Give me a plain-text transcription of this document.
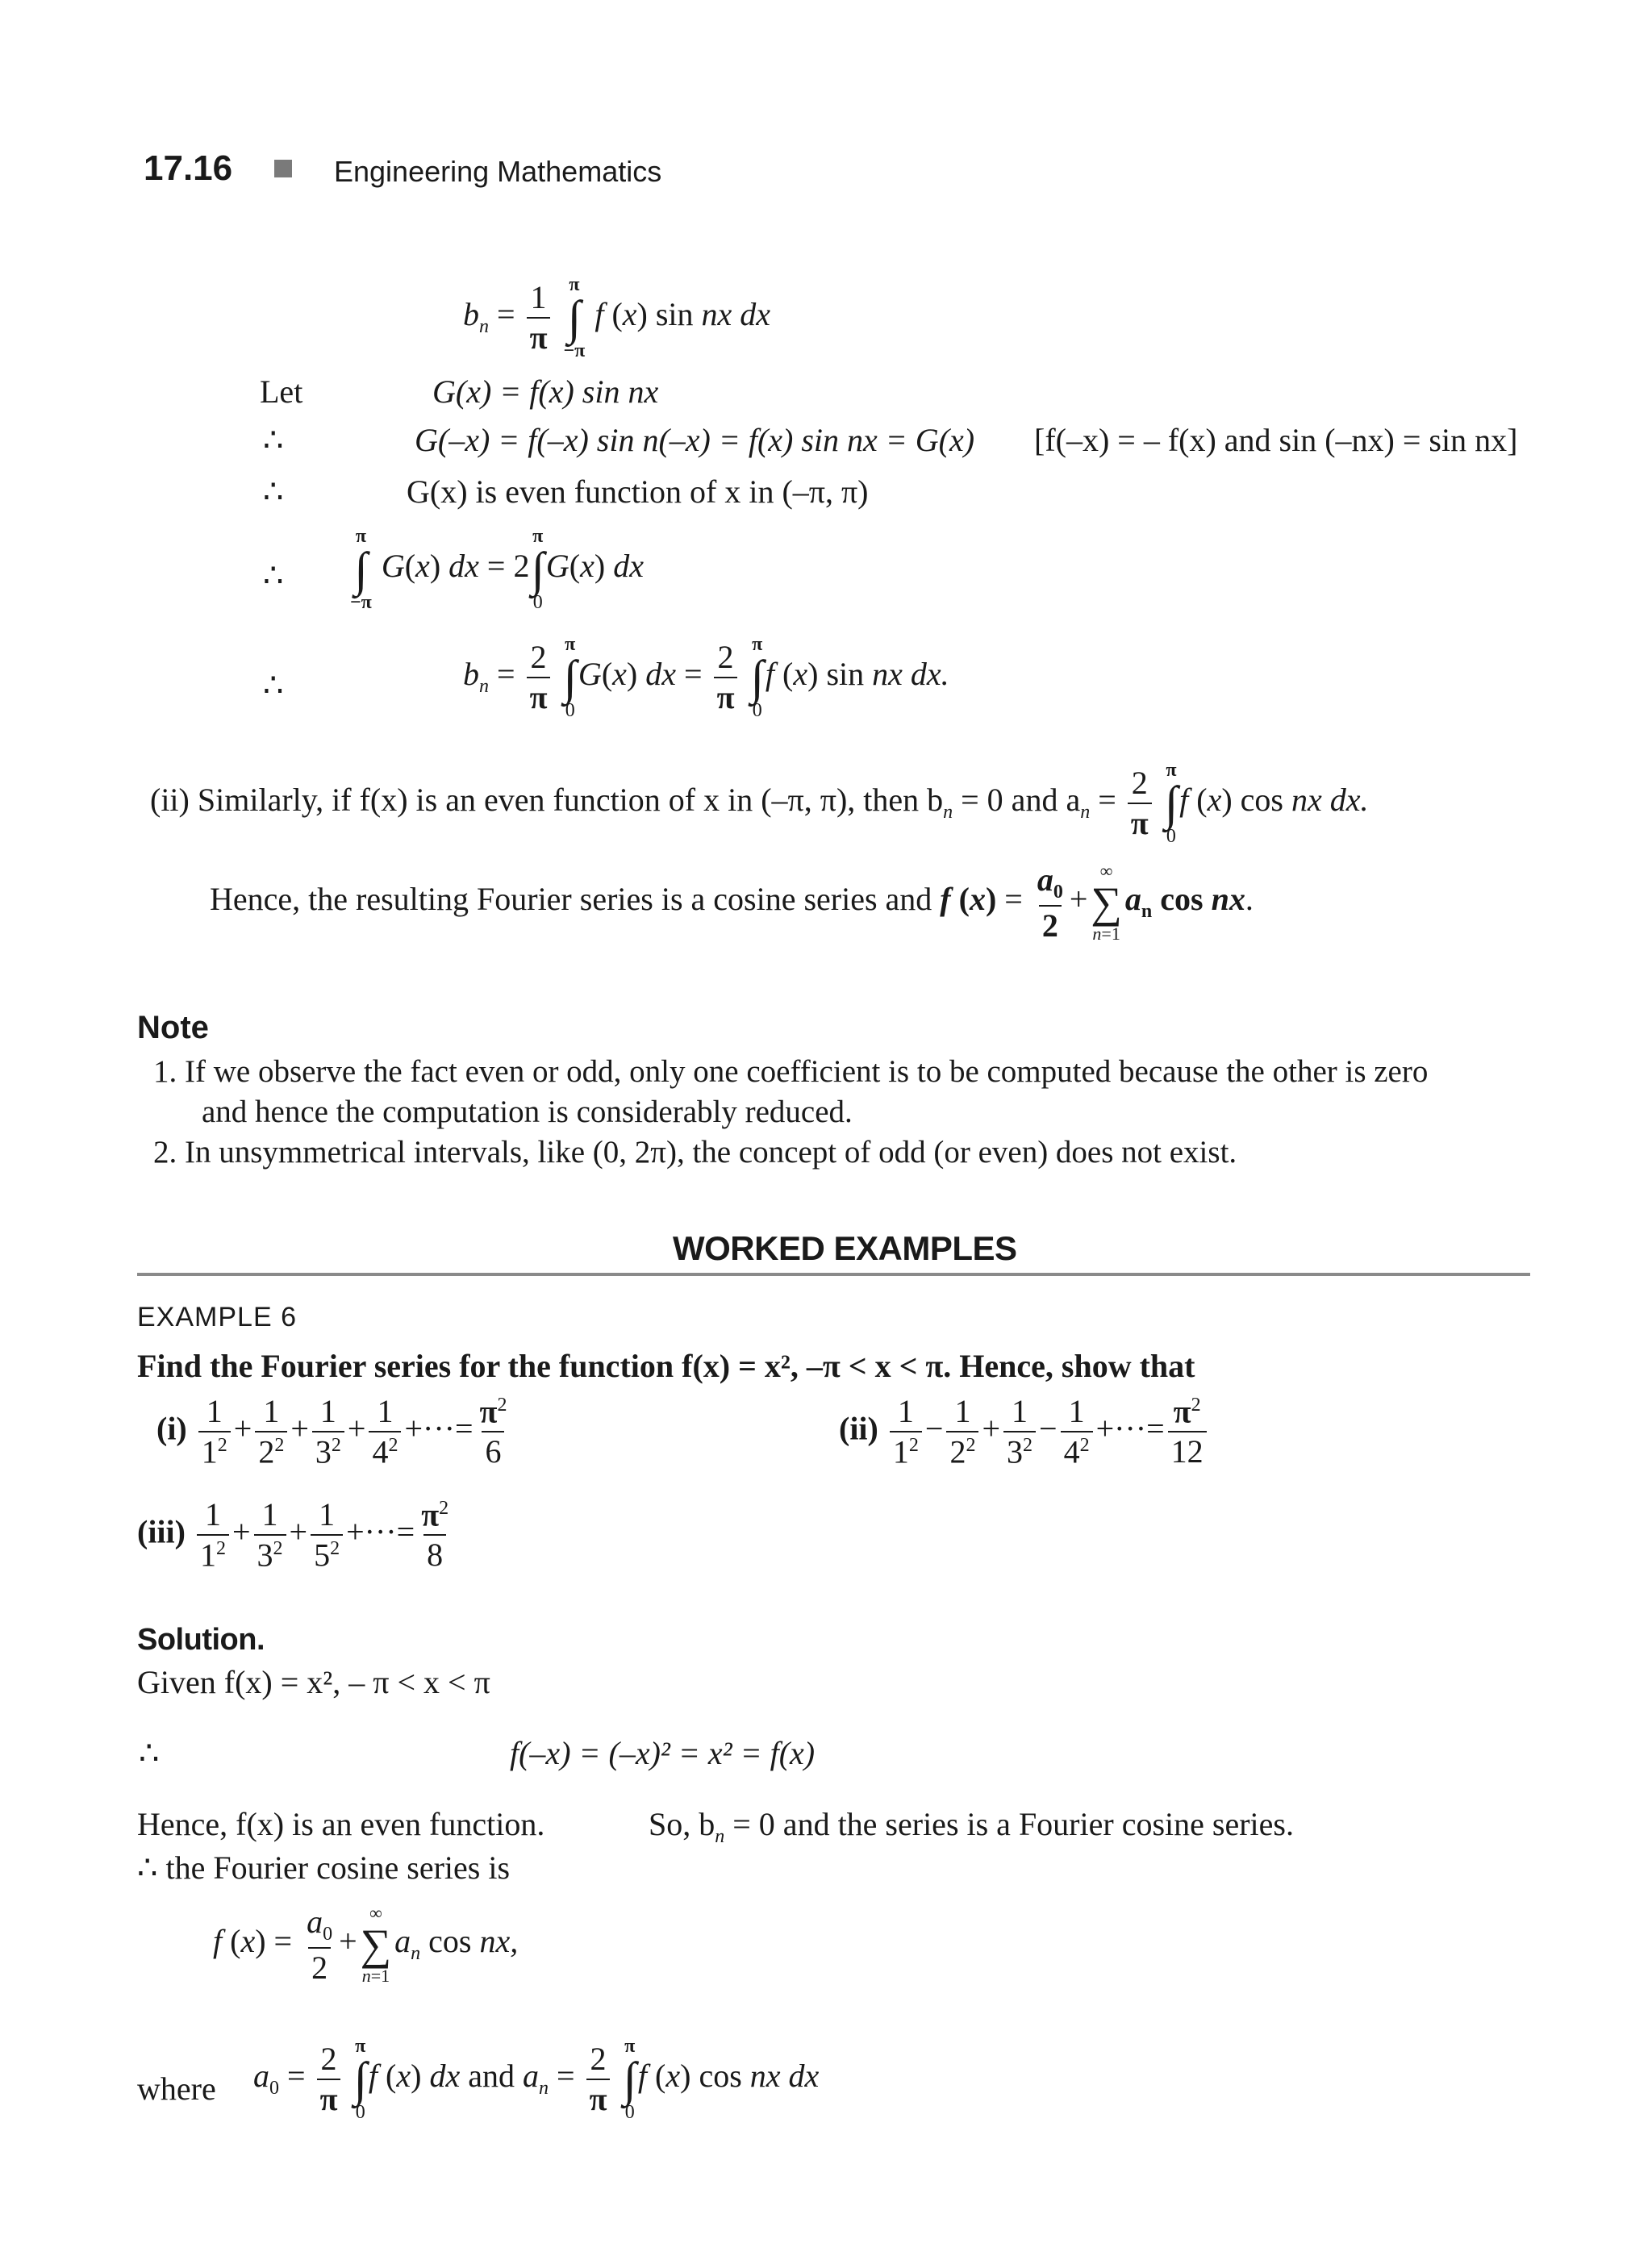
17.16	Engineering Mathematics
$b_n = \frac{1}{\pi}$
π
∫
−π
f (x) sin nx dx
Let	G(x) = f(x) sin nx
∴	G(–x) = f(–x) sin n(–x) = f(x) sin nx = G(x) [f(–x) = – f(x) and sin (–nx) = sin nx]
∴	G(x) is even function of x in (–π, π)
∴
π
∫
−π
G(x) dx = 2
π
∫
0
G(x) dx
∴	$b_n = \frac{2}{\pi}$
π
∫
0
G(x) dx = $\frac{2}{\pi}$
π
∫
0
f (x) sin nx dx.
(ii) Similarly, if f(x) is an even function of x in (–π, π), then $b_n = 0$ and $a_n = \frac{2}{\pi}$
π
∫
0
f (x) cos nx dx.
Hence, the resulting Fourier series is a cosine series and f $(x) = \frac{a_0}{2}$ +
∞
∑
n=1
$a_n$ cos nx.
Note
1. If we observe the fact even or odd, only one coefficient is to be computed because the other is zero
and hence the computation is considerably reduced.
2. In unsymmetrical intervals, like (0, 2π), the concept of odd (or even) does not exist.
WORKED EXAMPLES
EXAMPLE 6
Find the Fourier series for the function f(x) = x², –π < x < π. Hence, show that
$(i) \frac{1}{1^2} + \frac{1}{2^2} + \frac{1}{3^2} + \frac{1}{4^2}$ +···= $\frac{\pi^2}{6}$	$(ii) \frac{1}{1^2} - \frac{1}{2^2} + \frac{1}{3^2} - \frac{1}{4^2}$ +···= $\frac{\pi^2}{12}$
$(iii) \frac{1}{1^2} + \frac{1}{3^2} + \frac{1}{5^2}$ +···= $\frac{\pi^2}{8}$
Solution.
Given f(x) = x², – π < x < π
∴	f(–x) = (–x)² = x² = f(x)
Hence, f(x) is an even function.	So, $b_n = 0$ and the series is a Fourier cosine series.
∴ the Fourier cosine series is
f $(x) = \frac{a_0}{2}$ +
∞
∑
n=1
$a_n$ cos nx,
where $a_0 = \frac{2}{\pi}$
π
∫
0
f (x) dx and $a_n = \frac{2}{\pi}$
π
∫
0
f (x) cos nx dx
